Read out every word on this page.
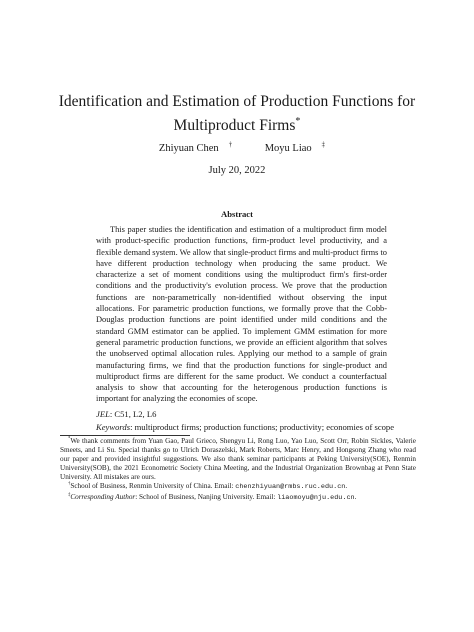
Identification and Estimation of Production Functions for
Multiproduct Firms*
Zhiyuan Chen †	Moyu Liao ‡
July 20, 2022
Abstract
This paper studies the identification and estimation of a multiproduct firm model with product-specific production functions, firm-product level productivity, and a flexible demand system. We allow that single-product firms and multi-product firms to have different production technology when producing the same product. We characterize a set of moment conditions using the multiproduct firm's first-order conditions and the productivity's evolution process. We prove that the production functions are non-parametrically non-identified without observing the input allocations. For parametric production functions, we formally prove that the Cobb-Douglas production functions are point identified under mild conditions and the standard GMM estimator can be applied. To implement GMM estimation for more general parametric production functions, we provide an efficient algorithm that solves the unobserved optimal allocation rules. Applying our method to a sample of grain manufacturing firms, we find that the production functions for single-product and multiproduct firms are different for the same product. We conduct a counterfactual analysis to show that accounting for the heterogenous production functions is important for analyzing the economies of scope.
JEL: C51, L2, L6
Keywords: multiproduct firms; production functions; productivity; economies of scope

*We thank comments from Yuan Gao, Paul Grieco, Shengyu Li, Rong Luo, Yao Luo, Scott Orr, Robin Sickles, Valerie Smeets, and Li Su. Special thanks go to Ulrich Doraszelski, Mark Roberts, Marc Henry, and Hongsong Zhang who read our paper and provided insightful suggestions. We also thank seminar participants at Peking University(SOE), Renmin University(SOB), the 2021 Econometric Society China Meeting, and the Industrial Organization Brownbag at Penn State University. All mistakes are ours.

†School of Business, Renmin University of China. Email: chenzhiyuan@rmbs.ruc.edu.cn.

‡Corresponding Author: School of Business, Nanjing University. Email: liaomoyu@nju.edu.cn.
